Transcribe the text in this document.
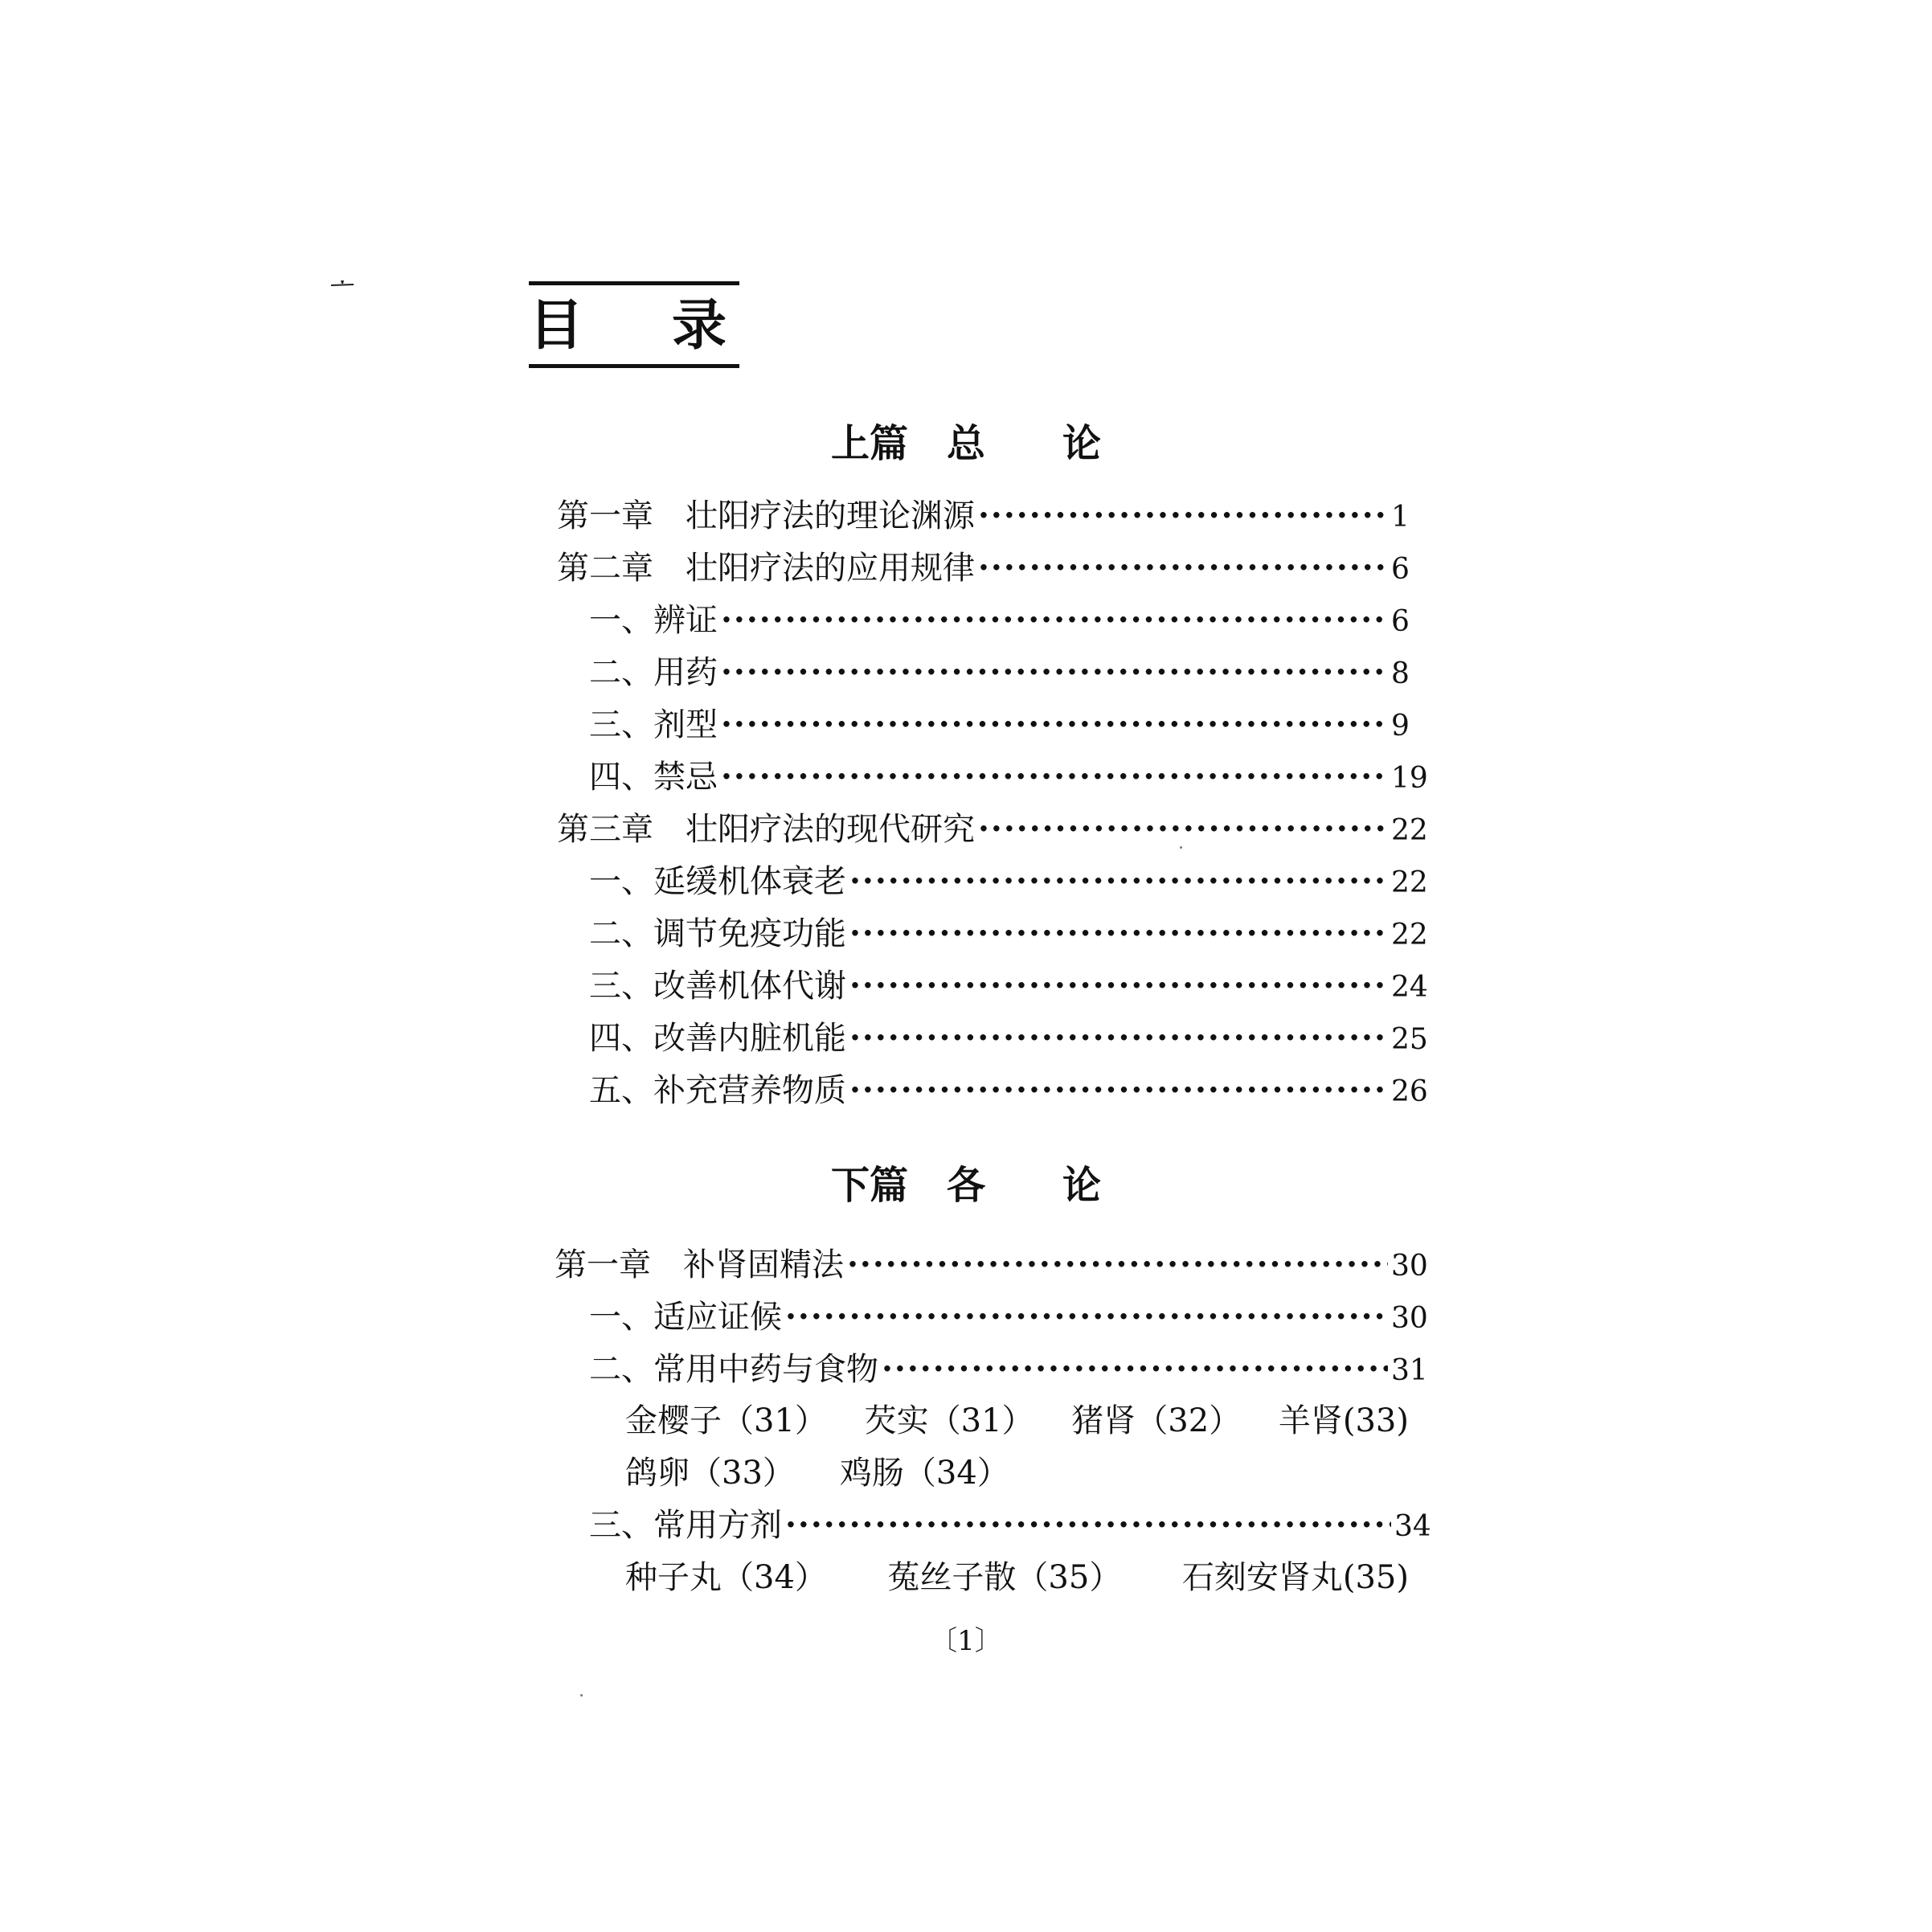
目录
上篇　总　　论
第一章　壮阳疗法的理论渊源 ·····	1
第二章　壮阳疗法的应用规律 ·····	6
一、辨证 ·····	6
二、用药 ·····	8
三、剂型 ·····	9
四、禁忌 ·····	19
第三章　壮阳疗法的现代研究 ·····	22
一、延缓机体衰老 ·····	22
二、调节免疫功能 ·····	22
三、改善机体代谢 ·····	24
四、改善内脏机能 ·····	25
五、补充营养物质 ·····	26
下篇　各　　论
第一章　补肾固精法 ·····	30
一、适应证候 ·····	30
二、常用中药与食物 ·····	31
金樱子（31） 芡实（31） 猪肾（32） 羊肾(33)
鸽卵（33） 鸡肠（34）
三、常用方剂 ·····	34
种子丸（34） 菟丝子散（35） 石刻安肾丸(35)
〔1〕
